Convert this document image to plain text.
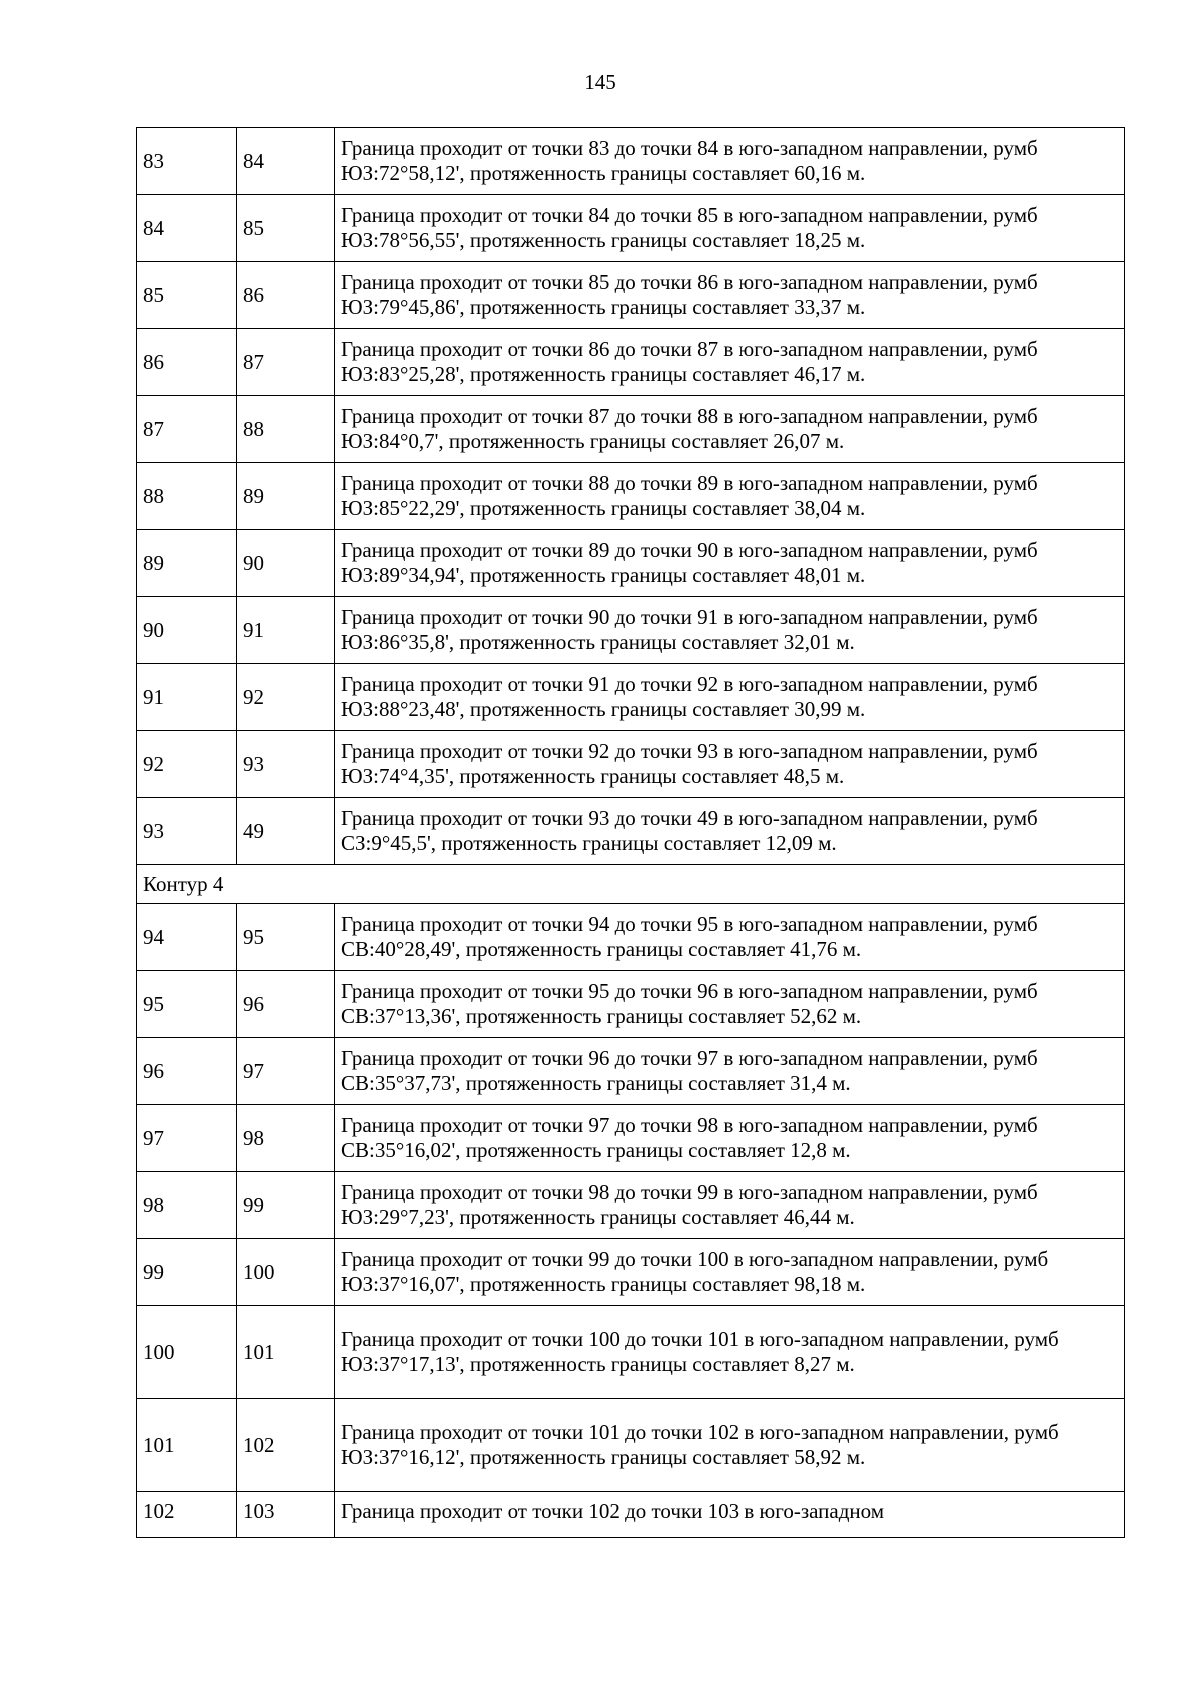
145
83	84	Граница проходит от точки 83 до точки 84 в юго-западном направлении, румб ЮЗ:72°58,12', протяженность границы составляет 60,16 м.
84	85	Граница проходит от точки 84 до точки 85 в юго-западном направлении, румб ЮЗ:78°56,55', протяженность границы составляет 18,25 м.
85	86	Граница проходит от точки 85 до точки 86 в юго-западном направлении, румб ЮЗ:79°45,86', протяженность границы составляет 33,37 м.
86	87	Граница проходит от точки 86 до точки 87 в юго-западном направлении, румб ЮЗ:83°25,28', протяженность границы составляет 46,17 м.
87	88	Граница проходит от точки 87 до точки 88 в юго-западном направлении, румб ЮЗ:84°0,7', протяженность границы составляет 26,07 м.
88	89	Граница проходит от точки 88 до точки 89 в юго-западном направлении, румб ЮЗ:85°22,29', протяженность границы составляет 38,04 м.
89	90	Граница проходит от точки 89 до точки 90 в юго-западном направлении, румб ЮЗ:89°34,94', протяженность границы составляет 48,01 м.
90	91	Граница проходит от точки 90 до точки 91 в юго-западном направлении, румб ЮЗ:86°35,8', протяженность границы составляет 32,01 м.
91	92	Граница проходит от точки 91 до точки 92 в юго-западном направлении, румб ЮЗ:88°23,48', протяженность границы составляет 30,99 м.
92	93	Граница проходит от точки 92 до точки 93 в юго-западном направлении, румб ЮЗ:74°4,35', протяженность границы составляет 48,5 м.
93	49	Граница проходит от точки 93 до точки 49 в юго-западном направлении, румб СЗ:9°45,5', протяженность границы составляет 12,09 м.
Контур 4		
94	95	Граница проходит от точки 94 до точки 95 в юго-западном направлении, румб СВ:40°28,49', протяженность границы составляет 41,76 м.
95	96	Граница проходит от точки 95 до точки 96 в юго-западном направлении, румб СВ:37°13,36', протяженность границы составляет 52,62 м.
96	97	Граница проходит от точки 96 до точки 97 в юго-западном направлении, румб СВ:35°37,73', протяженность границы составляет 31,4 м.
97	98	Граница проходит от точки 97 до точки 98 в юго-западном направлении, румб СВ:35°16,02', протяженность границы составляет 12,8 м.
98	99	Граница проходит от точки 98 до точки 99 в юго-западном направлении, румб ЮЗ:29°7,23', протяженность границы составляет 46,44 м.
99	100	Граница проходит от точки 99 до точки 100 в юго-западном направлении, румб ЮЗ:37°16,07', протяженность границы составляет 98,18 м.
100	101	Граница проходит от точки 100 до точки 101 в юго-западном направлении, румб ЮЗ:37°17,13', протяженность границы составляет 8,27 м.
101	102	Граница проходит от точки 101 до точки 102 в юго-западном направлении, румб ЮЗ:37°16,12', протяженность границы составляет 58,92 м.
102	103	Граница проходит от точки 102 до точки 103 в юго-западном
